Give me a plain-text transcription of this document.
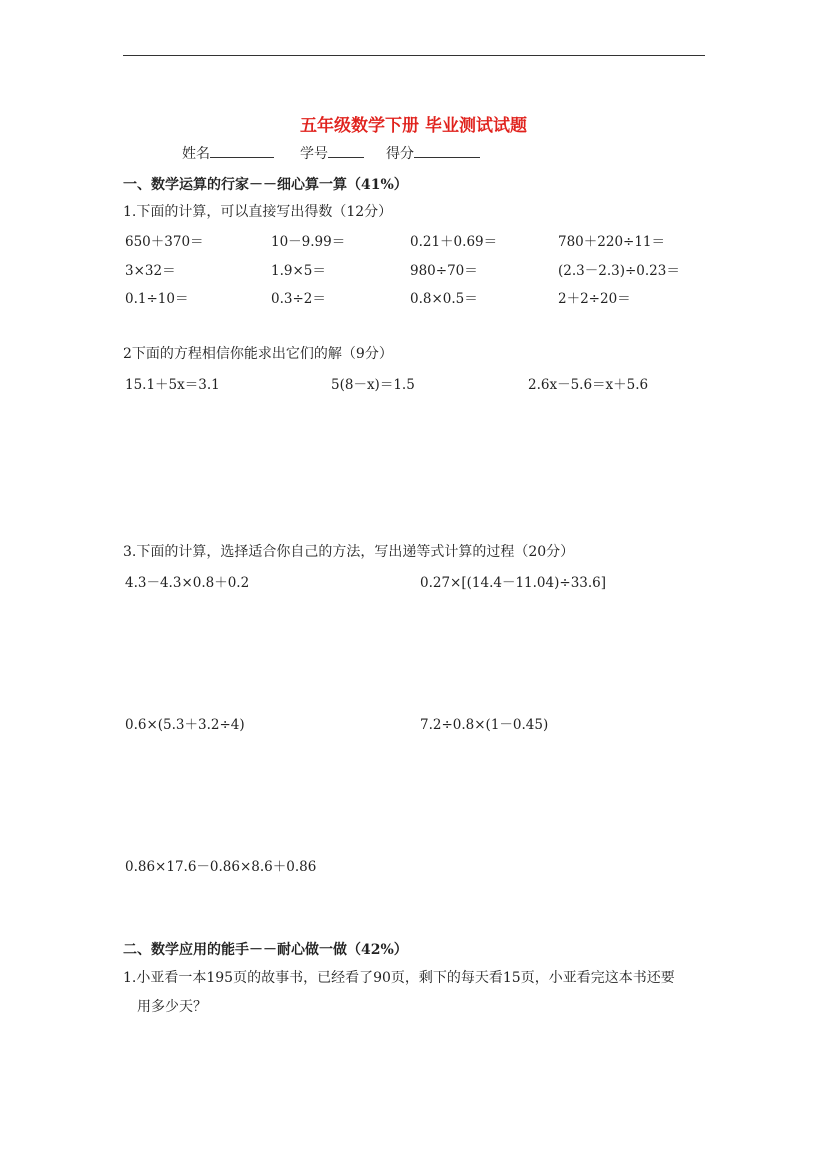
五年级数学下册 毕业测试试题
姓名	学号	得分
一、数学运算的行家－－细心算一算（41%）
1.下面的计算，可以直接写出得数（12分）
650＋370＝	10－9.99＝	0.21＋0.69＝	780＋220÷11＝
3×32＝	1.9×5＝	980÷70＝	(2.3－2.3)÷0.23＝
0.1÷10＝	0.3÷2＝	0.8×0.5＝	2＋2÷20＝
2下面的方程相信你能求出它们的解（9分）
15.1＋5x＝3.1	5(8－x)＝1.5	2.6x－5.6＝x＋5.6
3.下面的计算，选择适合你自己的方法，写出递等式计算的过程（20分）
4.3－4.3×0.8＋0.2	0.27×[(14.4－11.04)÷33.6]
0.6×(5.3＋3.2÷4)	7.2÷0.8×(1－0.45)
0.86×17.6－0.86×8.6＋0.86
二、数学应用的能手－－耐心做一做（42%）
1.小亚看一本195页的故事书，已经看了90页，剩下的每天看15页，小亚看完这本书还要
用多少天？
